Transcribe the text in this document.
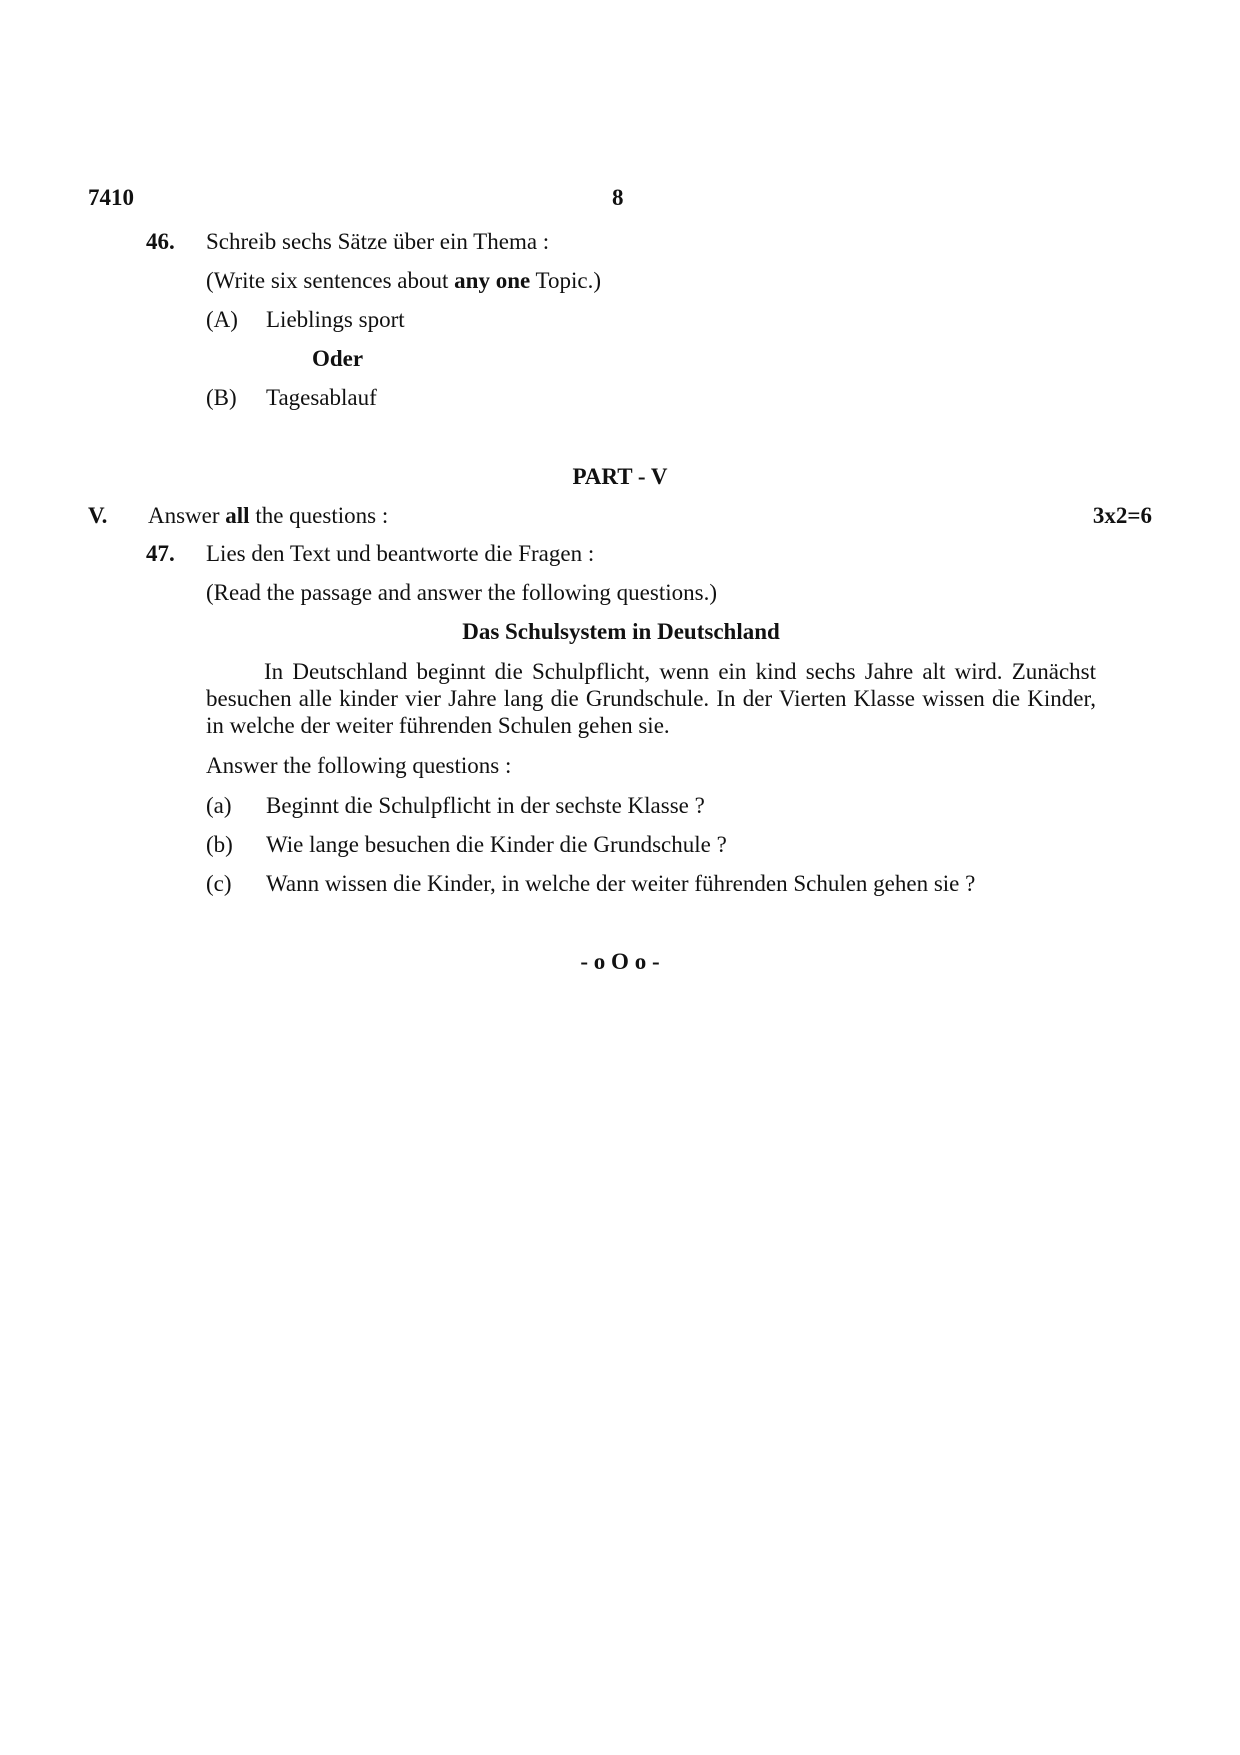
7410	8
46. Schreib sechs Sätze über ein Thema :
(Write six sentences about any one Topic.)
(A) Lieblings sport
Oder
(B) Tagesablauf
PART - V
V. Answer all the questions :	3x2=6
47. Lies den Text und beantworte die Fragen :
(Read the passage and answer the following questions.)
Das Schulsystem in Deutschland
In Deutschland beginnt die Schulpflicht, wenn ein kind sechs Jahre alt wird. Zunächst besuchen alle kinder vier Jahre lang die Grundschule. In der Vierten Klasse wissen die Kinder, in welche der weiter führenden Schulen gehen sie.
Answer the following questions :
(a) Beginnt die Schulpflicht in der sechste Klasse ?
(b) Wie lange besuchen die Kinder die Grundschule ?
(c) Wann wissen die Kinder, in welche der weiter führenden Schulen gehen sie ?
- o O o -
